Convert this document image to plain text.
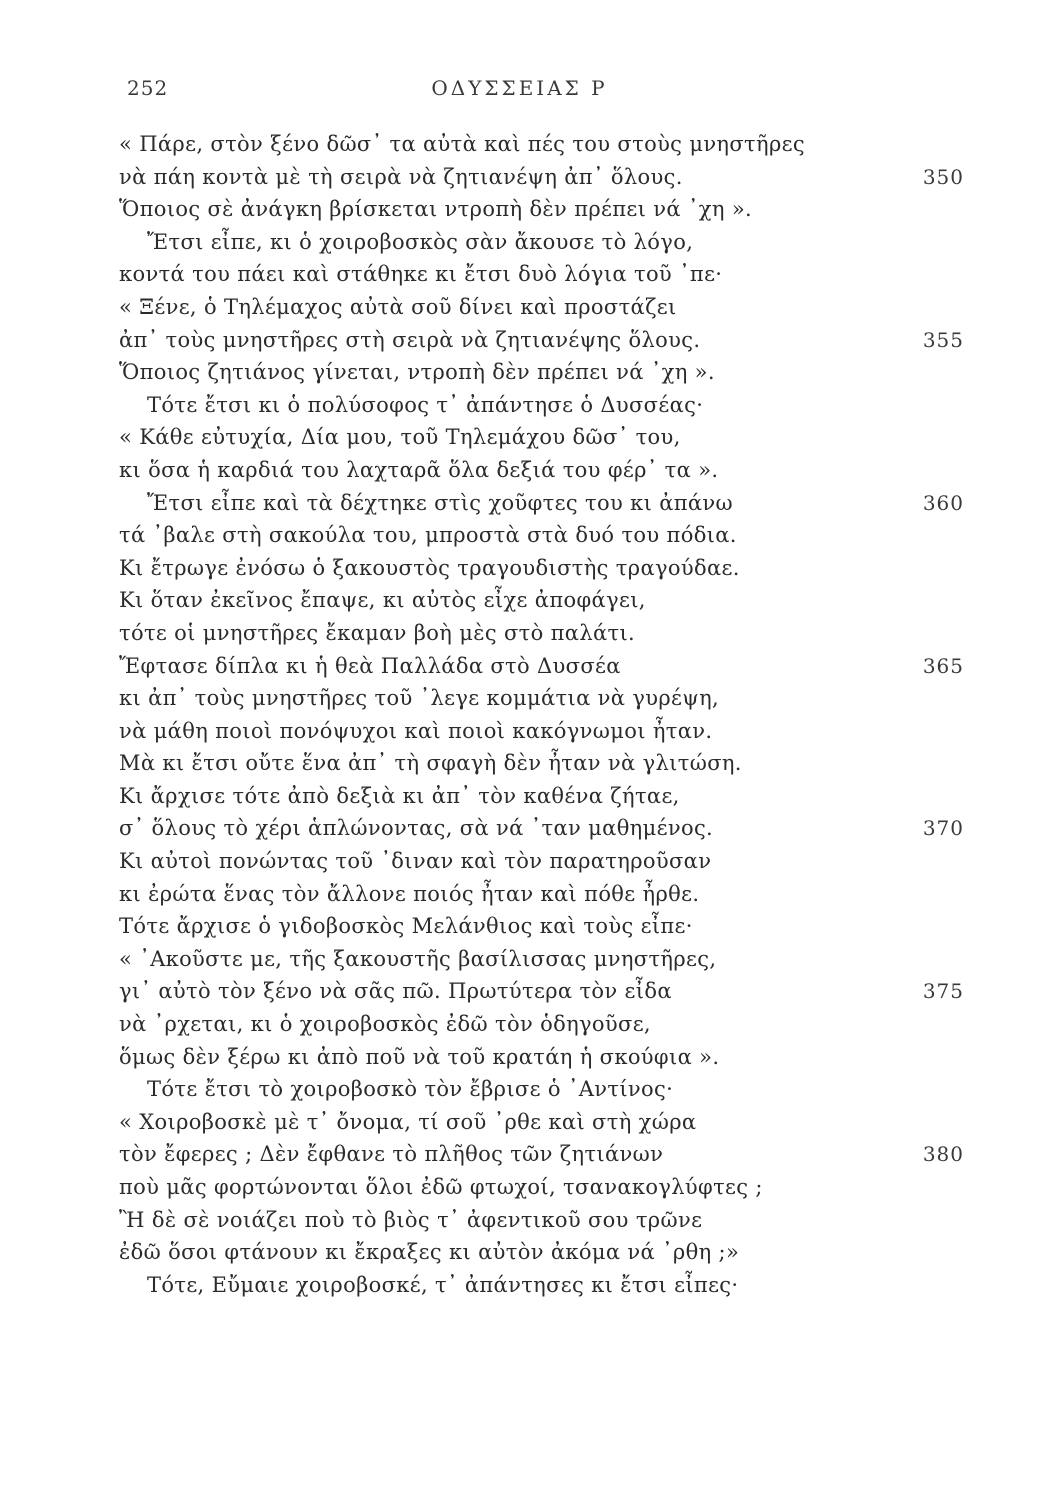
252	ΟΔΥΣΣΕΙΑΣ Ρ
« Πάρε, στὸν ξένο δῶσ᾽ τα αὐτὰ καὶ πές του στοὺς μνηστῆρες
νὰ πάη κοντὰ μὲ τὴ σειρὰ νὰ ζητιανέψη ἀπ᾽ ὅλους.	350
Ὅποιος σὲ ἀνάγκη βρίσκεται ντροπὴ δὲν πρέπει νά ᾽χη ».
Ἔτσι εἶπε, κι ὁ χοιροβοσκὸς σὰν ἄκουσε τὸ λόγο,
κοντά του πάει καὶ στάθηκε κι ἔτσι δυὸ λόγια τοῦ ᾽πε·
« Ξένε, ὁ Τηλέμαχος αὐτὰ σοῦ δίνει καὶ προστάζει
ἀπ᾽ τοὺς μνηστῆρες στὴ σειρὰ νὰ ζητιανέψης ὅλους.	355
Ὅποιος ζητιάνος γίνεται, ντροπὴ δὲν πρέπει νά ᾽χη ».
Τότε ἔτσι κι ὁ πολύσοφος τ᾽ ἀπάντησε ὁ Δυσσέας·
« Κάθε εὐτυχία, Δία μου, τοῦ Τηλεμάχου δῶσ᾽ του,
κι ὅσα ἡ καρδιά του λαχταρᾶ ὅλα δεξιά του φέρ᾽ τα ».
Ἔτσι εἶπε καὶ τὰ δέχτηκε στὶς χοῦφτες του κι ἀπάνω	360
τά ᾽βαλε στὴ σακούλα του, μπροστὰ στὰ δυό του πόδια.
Κι ἔτρωγε ἐνόσω ὁ ξακουστὸς τραγουδιστὴς τραγούδαε.
Κι ὅταν ἐκεῖνος ἔπαψε, κι αὐτὸς εἶχε ἀποφάγει,
τότε οἱ μνηστῆρες ἔκαμαν βοὴ μὲς στὸ παλάτι.
Ἔφτασε δίπλα κι ἡ θεὰ Παλλάδα στὸ Δυσσέα	365
κι ἀπ᾽ τοὺς μνηστῆρες τοῦ ᾽λεγε κομμάτια νὰ γυρέψη,
νὰ μάθη ποιοὶ πονόψυχοι καὶ ποιοὶ κακόγνωμοι ἦταν.
Μὰ κι ἔτσι οὔτε ἕνα ἀπ᾽ τὴ σφαγὴ δὲν ἦταν νὰ γλιτώση.
Κι ἄρχισε τότε ἀπὸ δεξιὰ κι ἀπ᾽ τὸν καθένα ζήταε,
σ᾽ ὅλους τὸ χέρι ἁπλώνοντας, σὰ νά ᾽ταν μαθημένος.	370
Κι αὐτοὶ πονώντας τοῦ ᾽διναν καὶ τὸν παρατηροῦσαν
κι ἐρώτα ἕνας τὸν ἄλλονε ποιός ἦταν καὶ πόθε ἦρθε.
Τότε ἄρχισε ὁ γιδοβοσκὸς Μελάνθιος καὶ τοὺς εἶπε·
« ᾽Ακοῦστε με, τῆς ξακουστῆς βασίλισσας μνηστῆρες,
γι᾽ αὐτὸ τὸν ξένο νὰ σᾶς πῶ. Πρωτύτερα τὸν εἶδα	375
νὰ ᾽ρχεται, κι ὁ χοιροβοσκὸς ἐδῶ τὸν ὁδηγοῦσε,
ὅμως δὲν ξέρω κι ἀπὸ ποῦ νὰ τοῦ κρατάη ἡ σκούφια ».
Τότε ἔτσι τὸ χοιροβοσκὸ τὸν ἔβρισε ὁ ᾽Αντίνος·
« Χοιροβοσκὲ μὲ τ᾽ ὄνομα, τί σοῦ ᾽ρθε καὶ στὴ χώρα
τὸν ἔφερες ; Δὲν ἔφθανε τὸ πλῆθος τῶν ζητιάνων	380
ποὺ μᾶς φορτώνονται ὅλοι ἐδῶ φτωχοί, τσανακογλύφτες ;
Ἢ δὲ σὲ νοιάζει ποὺ τὸ βιὸς τ᾽ ἀφεντικοῦ σου τρῶνε
ἐδῶ ὅσοι φτάνουν κι ἔκραξες κι αὐτὸν ἀκόμα νά ᾽ρθη ;»
Τότε, Εὔμαιε χοιροβοσκέ, τ᾽ ἀπάντησες κι ἔτσι εἶπες·
